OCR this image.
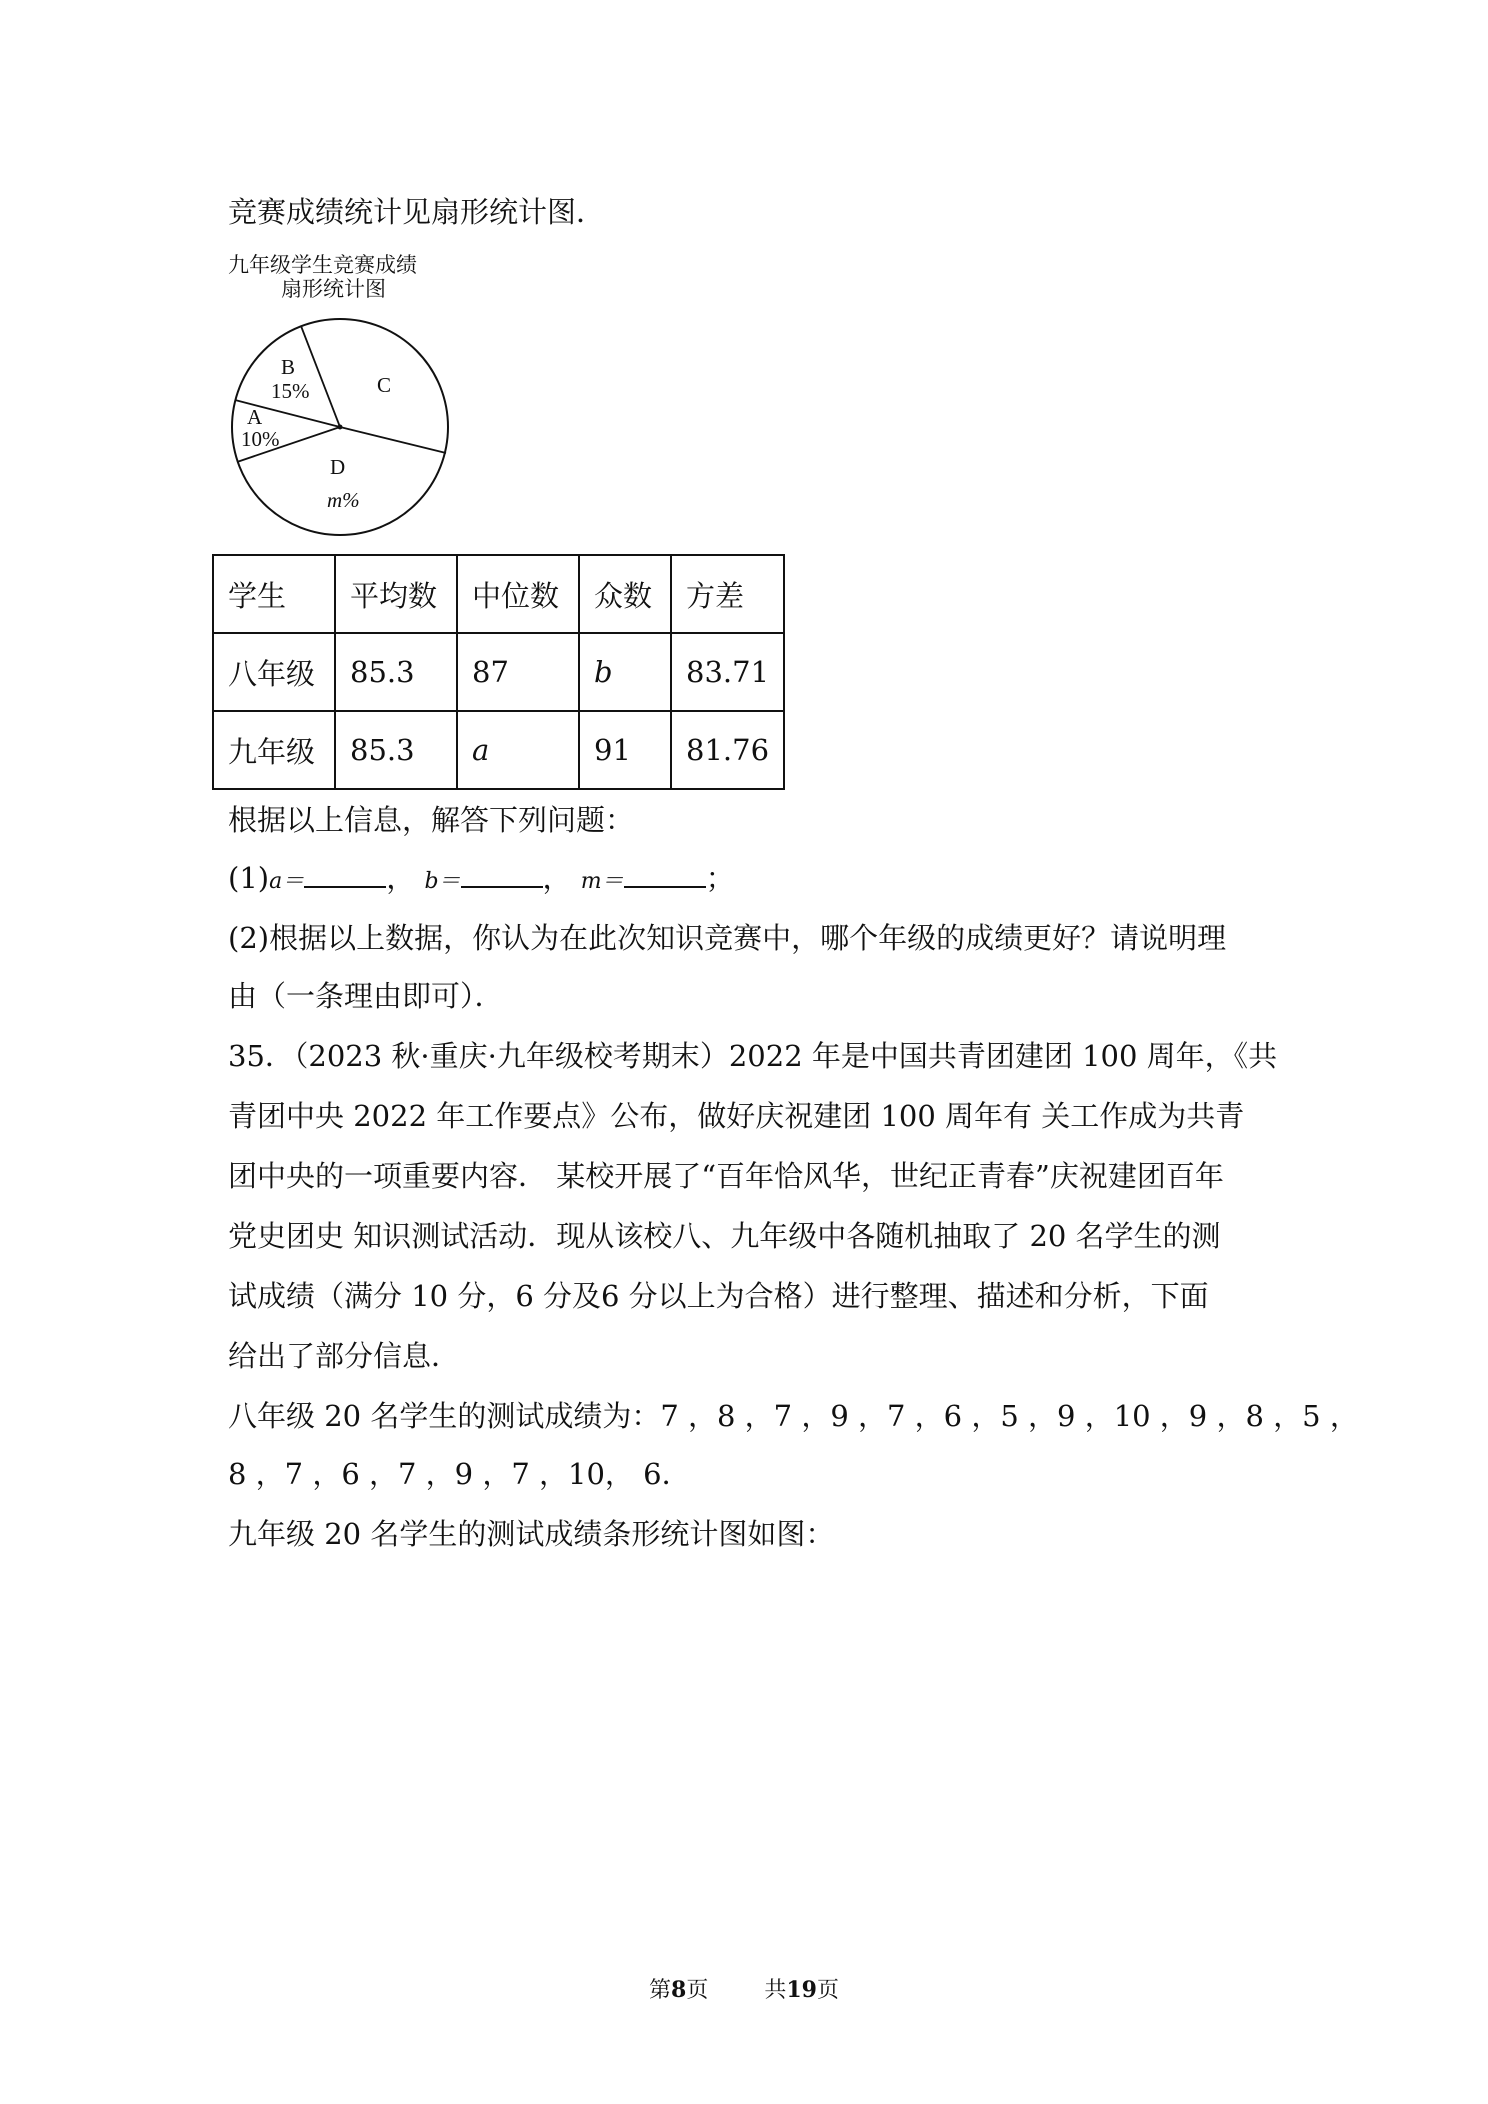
竞赛成绩统计见扇形统计图．
九年级学生竞赛成绩
扇形统计图
B
15%
A
10%
C
D
m%
学生	平均数	中位数	众数	方差
八年级	85.3	87	b	83.71
九年级	85.3	a	91	81.76
根据以上信息，解答下列问题：
(1)a＝	， b＝	， m＝	；
(2)根据以上数据，你认为在此次知识竞赛中，哪个年级的成绩更好？请说明理
由（一条理由即可）．
35．（2023 秋·重庆·九年级校考期末）2022 年是中国共青团建团 100 周年，《共
青团中央 2022 年工作要点》公布，做好庆祝建团 100 周年有 关工作成为共青
团中央的一项重要内容． 某校开展了“百年恰风华，世纪正青春”庆祝建团百年
党史团史 知识测试活动．现从该校八、九年级中各随机抽取了 20 名学生的测
试成绩（满分 10 分，6 分及6 分以上为合格）进行整理、描述和分析，下面
给出了部分信息．
八年级 20 名学生的测试成绩为：7 ，8 ，7 ，9 ，7 ，6 ，5 ，9 ，10 ，9 ，8 ，5 ，
8 ，7 ，6 ，7 ，9 ，7 ，10， 6．
九年级 20 名学生的测试成绩条形统计图如图：
第8页	共19页
